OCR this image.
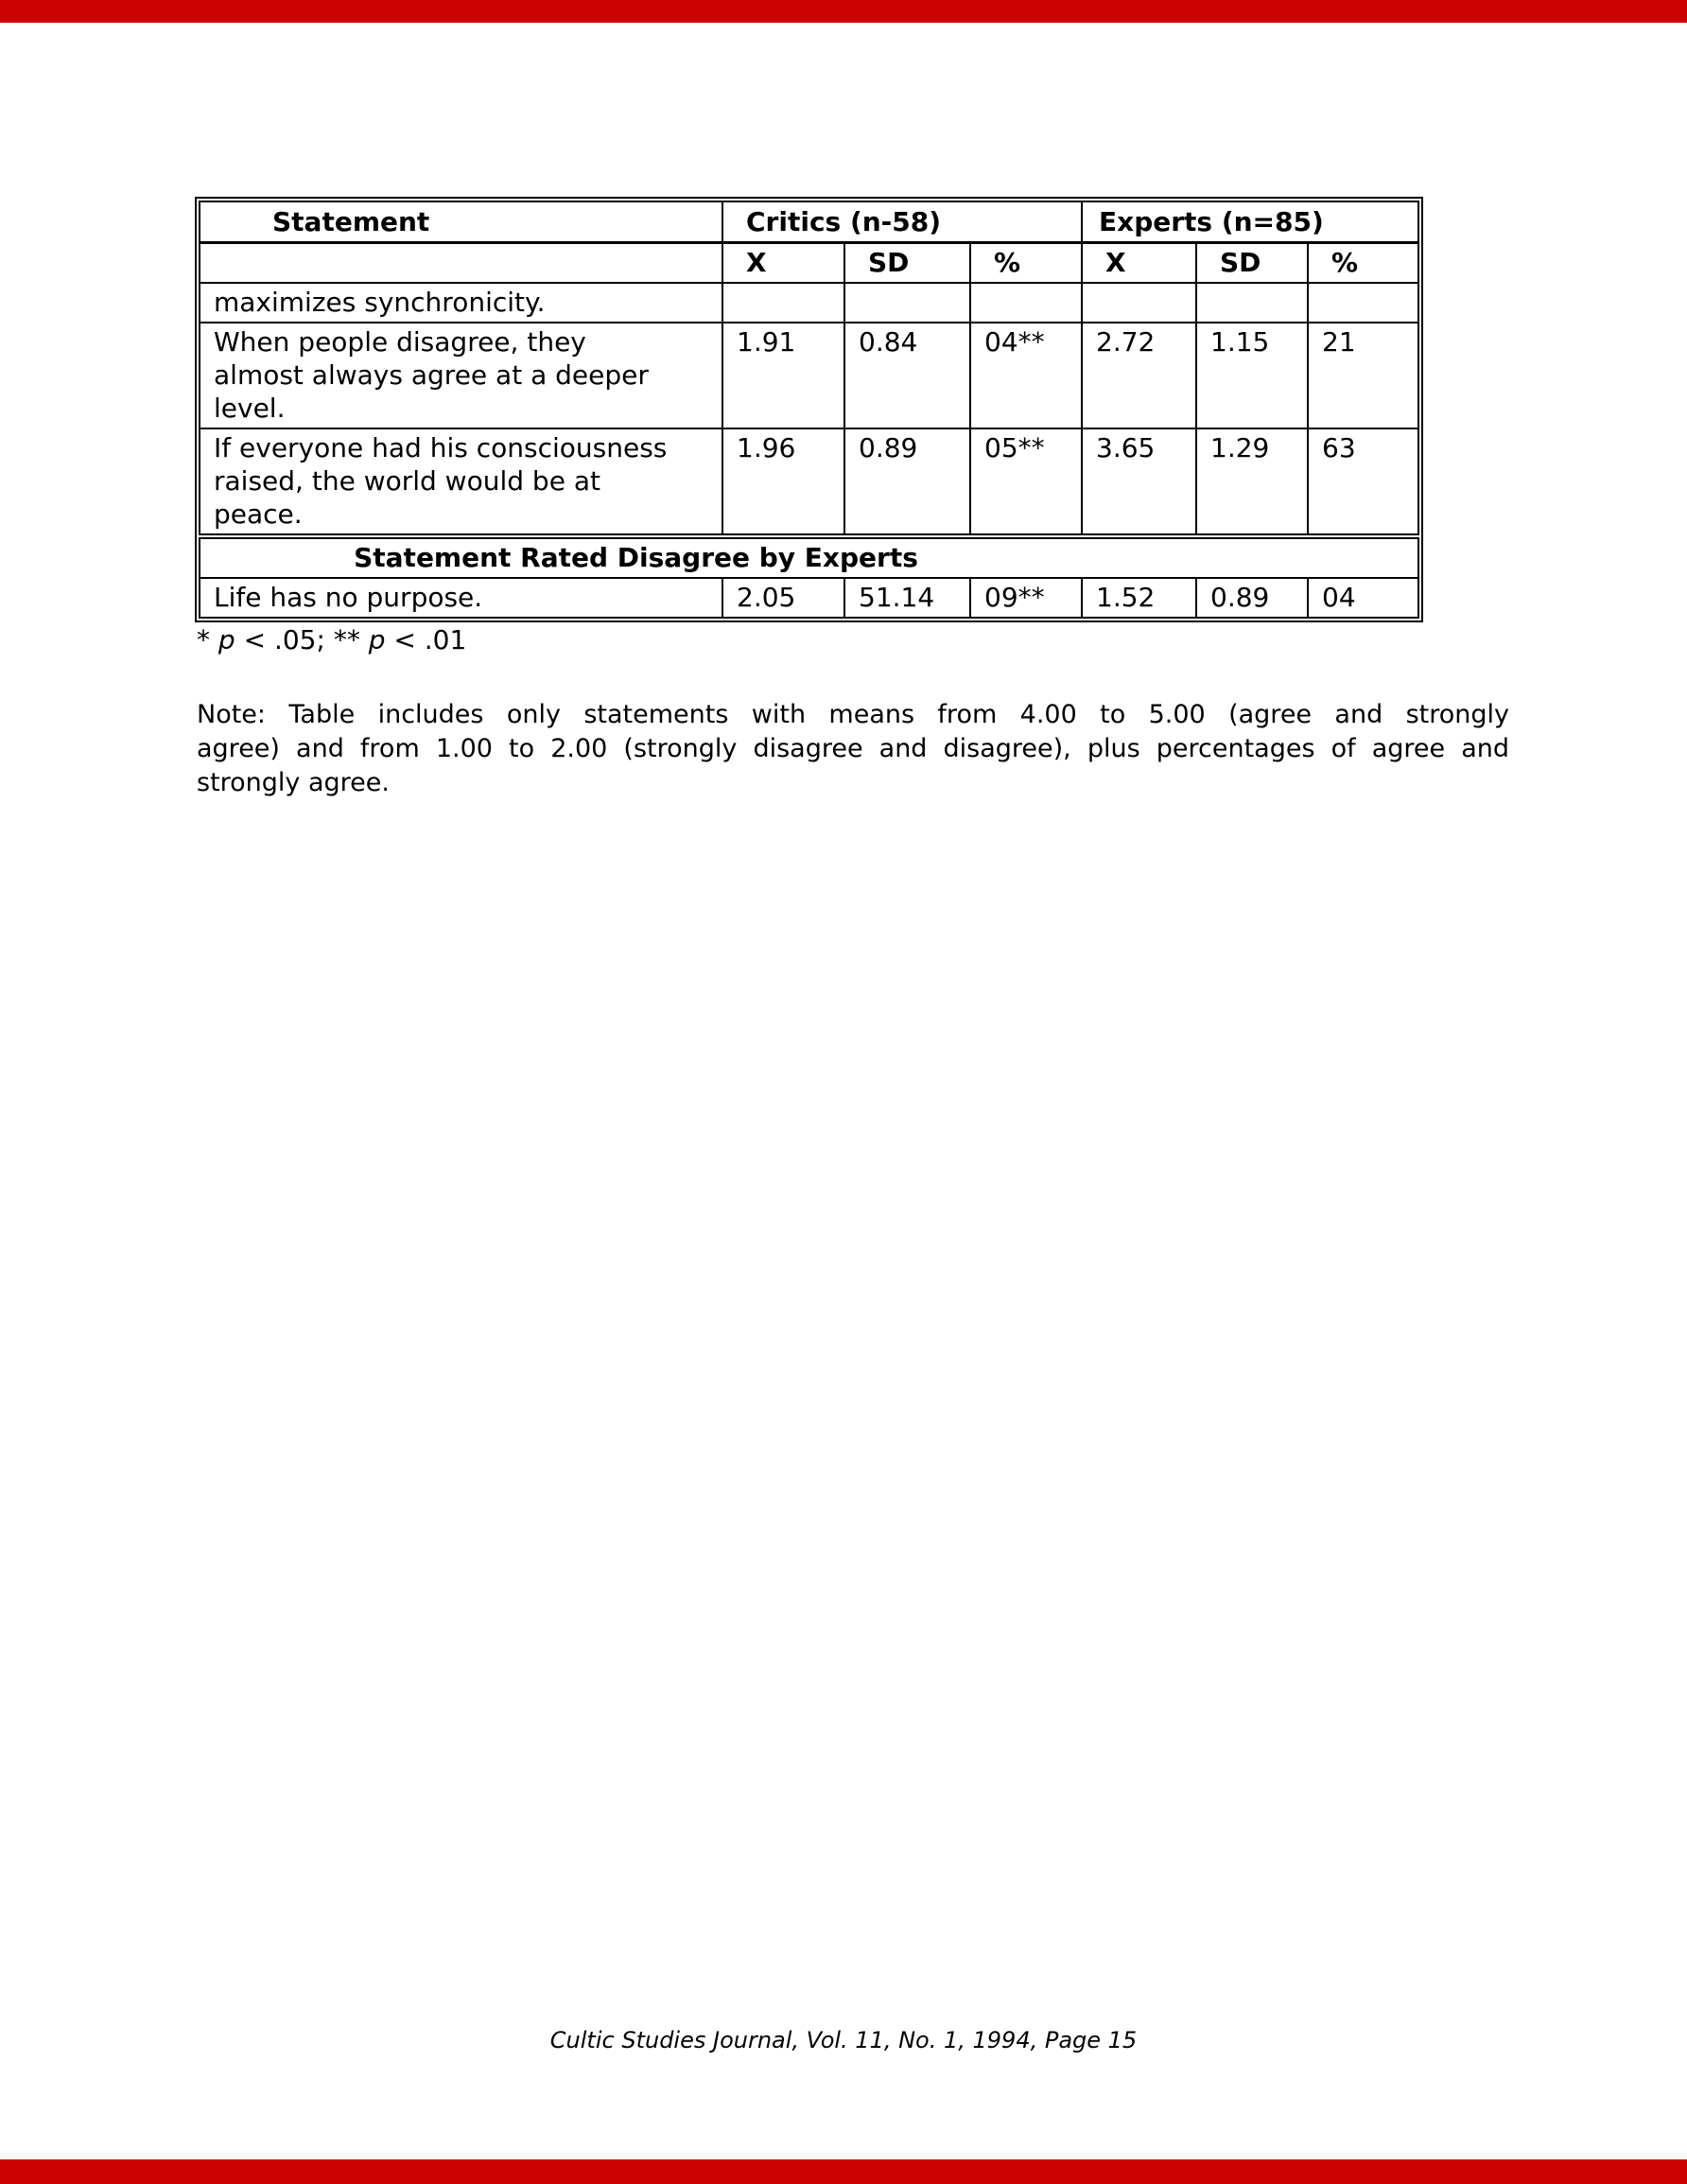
Statement	Critics (n-58)			Experts (n=85)		
	X	SD	%	X	SD	%

maximizes synchronicity.						

When people disagree, they
almost always agree at a deeper
level.	1.91	0.84	04**	2.72	1.15	21

If everyone had his consciousness
raised, the world would be at
peace.	1.96	0.89	05**	3.65	1.29	63
Statement Rated Disagree by Experts						

Life has no purpose.	2.05	51.14	09**	1.52	0.89	04
* p < .05; ** p < .01
Note: Table includes only statements with means from 4.00 to 5.00 (agree and strongly
agree) and from 1.00 to 2.00 (strongly disagree and disagree), plus percentages of agree and
strongly agree.
Cultic Studies Journal, Vol. 11, No. 1, 1994, Page 15
